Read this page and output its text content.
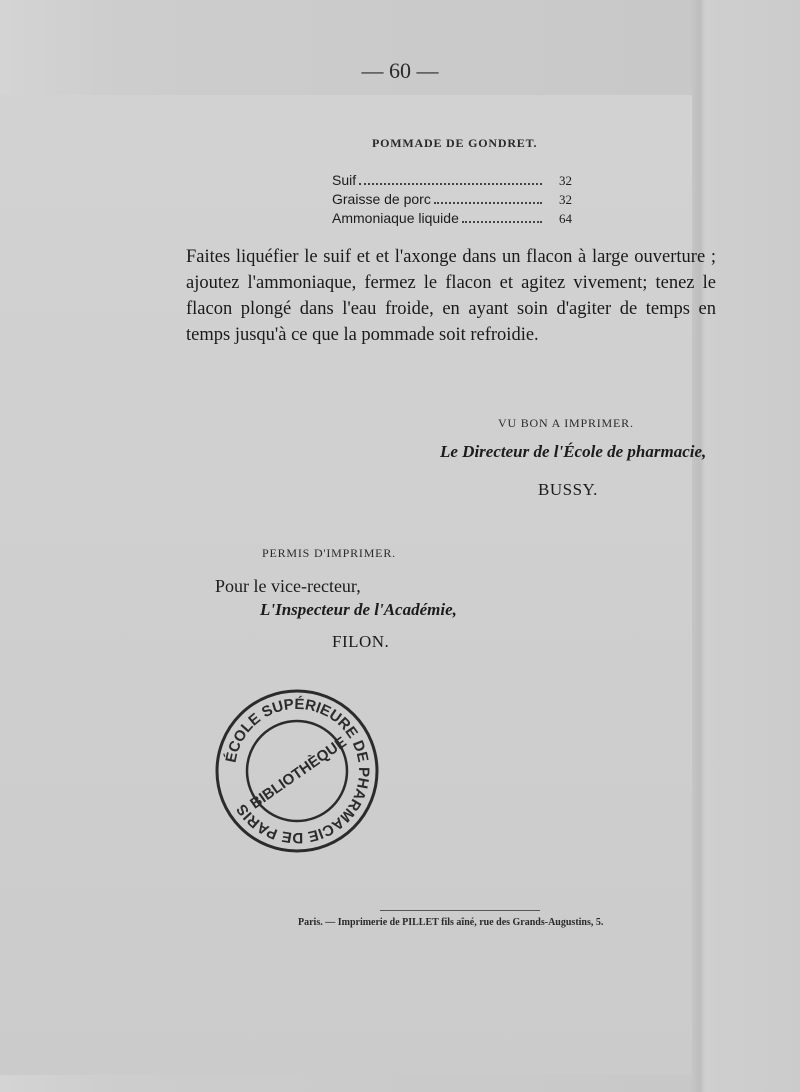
— 60 —
POMMADE DE GONDRET.
Suif	32
Graisse de porc	32
Ammoniaque liquide	64
Faites liquéfier le suif et et l'axonge dans un flacon à large ouverture ; ajoutez l'ammoniaque, fermez le flacon et agitez vivement; tenez le flacon plongé dans l'eau froide, en ayant soin d'agiter de temps en temps jusqu'à ce que la pommade soit refroidie.
VU BON A IMPRIMER.
Le Directeur de l'École de pharmacie,
BUSSY.
PERMIS D'IMPRIMER.
Pour le vice-recteur,
L'Inspecteur de l'Académie,
FILON.
ÉCOLE SUPÉRIEURE DE PHARMACIE DE PARIS
BIBLIOTHÈQUE
Paris. — Imprimerie de PILLET fils aîné, rue des Grands-Augustins, 5.
